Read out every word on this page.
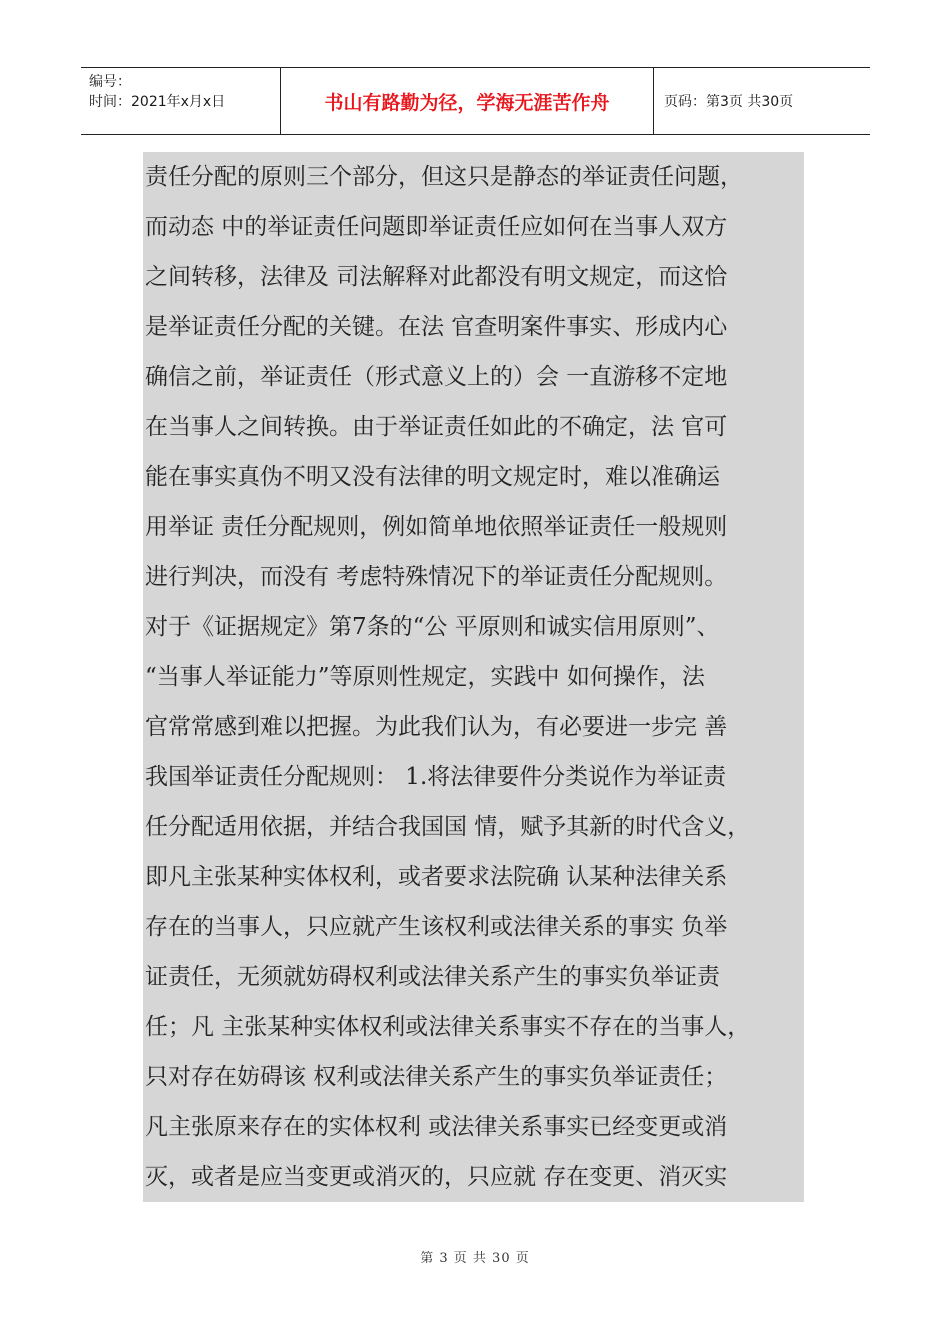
编号：
时间：2021年x月x日	书山有路勤为径，学海无涯苦作舟	页码：第3页 共30页
责任分配的原则三个部分，但这只是静态的举证责任问题，
而动态 中的举证责任问题即举证责任应如何在当事人双方
之间转移，法律及 司法解释对此都没有明文规定，而这恰
是举证责任分配的关键。在法 官查明案件事实、形成内心
确信之前，举证责任（形式意义上的）会 一直游移不定地
在当事人之间转换。由于举证责任如此的不确定，法 官可
能在事实真伪不明又没有法律的明文规定时，难以准确运
用举证 责任分配规则，例如简单地依照举证责任一般规则
进行判决，而没有 考虑特殊情况下的举证责任分配规则。
对于《证据规定》第7条的“公 平原则和诚实信用原则”、
“当事人举证能力”等原则性规定，实践中 如何操作，法
官常常感到难以把握。为此我们认为，有必要进一步完 善
我国举证责任分配规则： 1.将法律要件分类说作为举证责
任分配适用依据，并结合我国国 情，赋予其新的时代含义，
即凡主张某种实体权利，或者要求法院确 认某种法律关系
存在的当事人，只应就产生该权利或法律关系的事实 负举
证责任，无须就妨碍权利或法律关系产生的事实负举证责
任；凡 主张某种实体权利或法律关系事实不存在的当事人，
只对存在妨碍该 权利或法律关系产生的事实负举证责任；
凡主张原来存在的实体权利 或法律关系事实已经变更或消
灭，或者是应当变更或消灭的，只应就 存在变更、消灭实
第 3 页 共 30 页
